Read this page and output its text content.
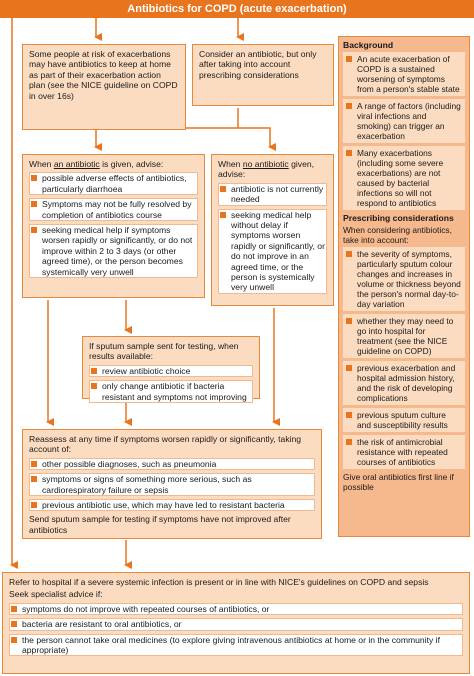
Antibiotics for COPD (acute exacerbation)
Some people at risk of exacerbations may have antibiotics to keep at home as part of their exacerbation action plan (see the NICE guideline on COPD in over 16s)
Consider an antibiotic, but only after taking into account prescribing considerations
When an antibiotic is given, advise:
possible adverse effects of antibiotics, particularly diarrhoea
Symptoms may not be fully resolved by completion of antibiotics course
seeking medical help if symptoms worsen rapidly or significantly, or do not improve within 2 to 3 days (or other agreed time), or the person becomes systemically very unwell
When no antibiotic given, advise:
antibiotic is not currently needed
seeking medical help without delay if symptoms worsen rapidly or significantly, or do not improve in an agreed time, or the person is systemically very unwell
If sputum sample sent for testing, when results available:
review antibiotic choice
only change antibiotic if bacteria resistant and symptoms not improving
Reassess at any time if symptoms worsen rapidly or significantly, taking account of:
other possible diagnoses, such as pneumonia
symptoms or signs of something more serious, such as cardiorespiratory failure or sepsis
previous antibiotic use, which may have led to resistant bacteria
Send sputum sample for testing if symptoms have not improved after antibiotics
Refer to hospital if a severe systemic infection is present or in line with NICE's guidelines on COPD and sepsis
Seek specialist advice if:
symptoms do not improve with repeated courses of antibiotics, or
bacteria are resistant to oral antibiotics, or
the person cannot take oral medicines (to explore giving intravenous antibiotics at home or in the community if appropriate)
Background
An acute exacerbation of COPD is a sustained worsening of symptoms from a person's stable state
A range of factors (including viral infections and smoking) can trigger an exacerbation
Many exacerbations (including some severe exacerbations) are not caused by bacterial infections so will not respond to antibiotics
Prescribing considerations
When considering antibiotics, take into account:
the severity of symptoms, particularly sputum colour changes and increases in volume or thickness beyond the person's normal day-to-day variation
whether they may need to go into hospital for treatment (see the NICE guideline on COPD)
previous exacerbation and hospital admission history, and the risk of developing complications
previous sputum culture and susceptibility results
the risk of antimicrobial resistance with repeated courses of antibiotics
Give oral antibiotics first line if possible
